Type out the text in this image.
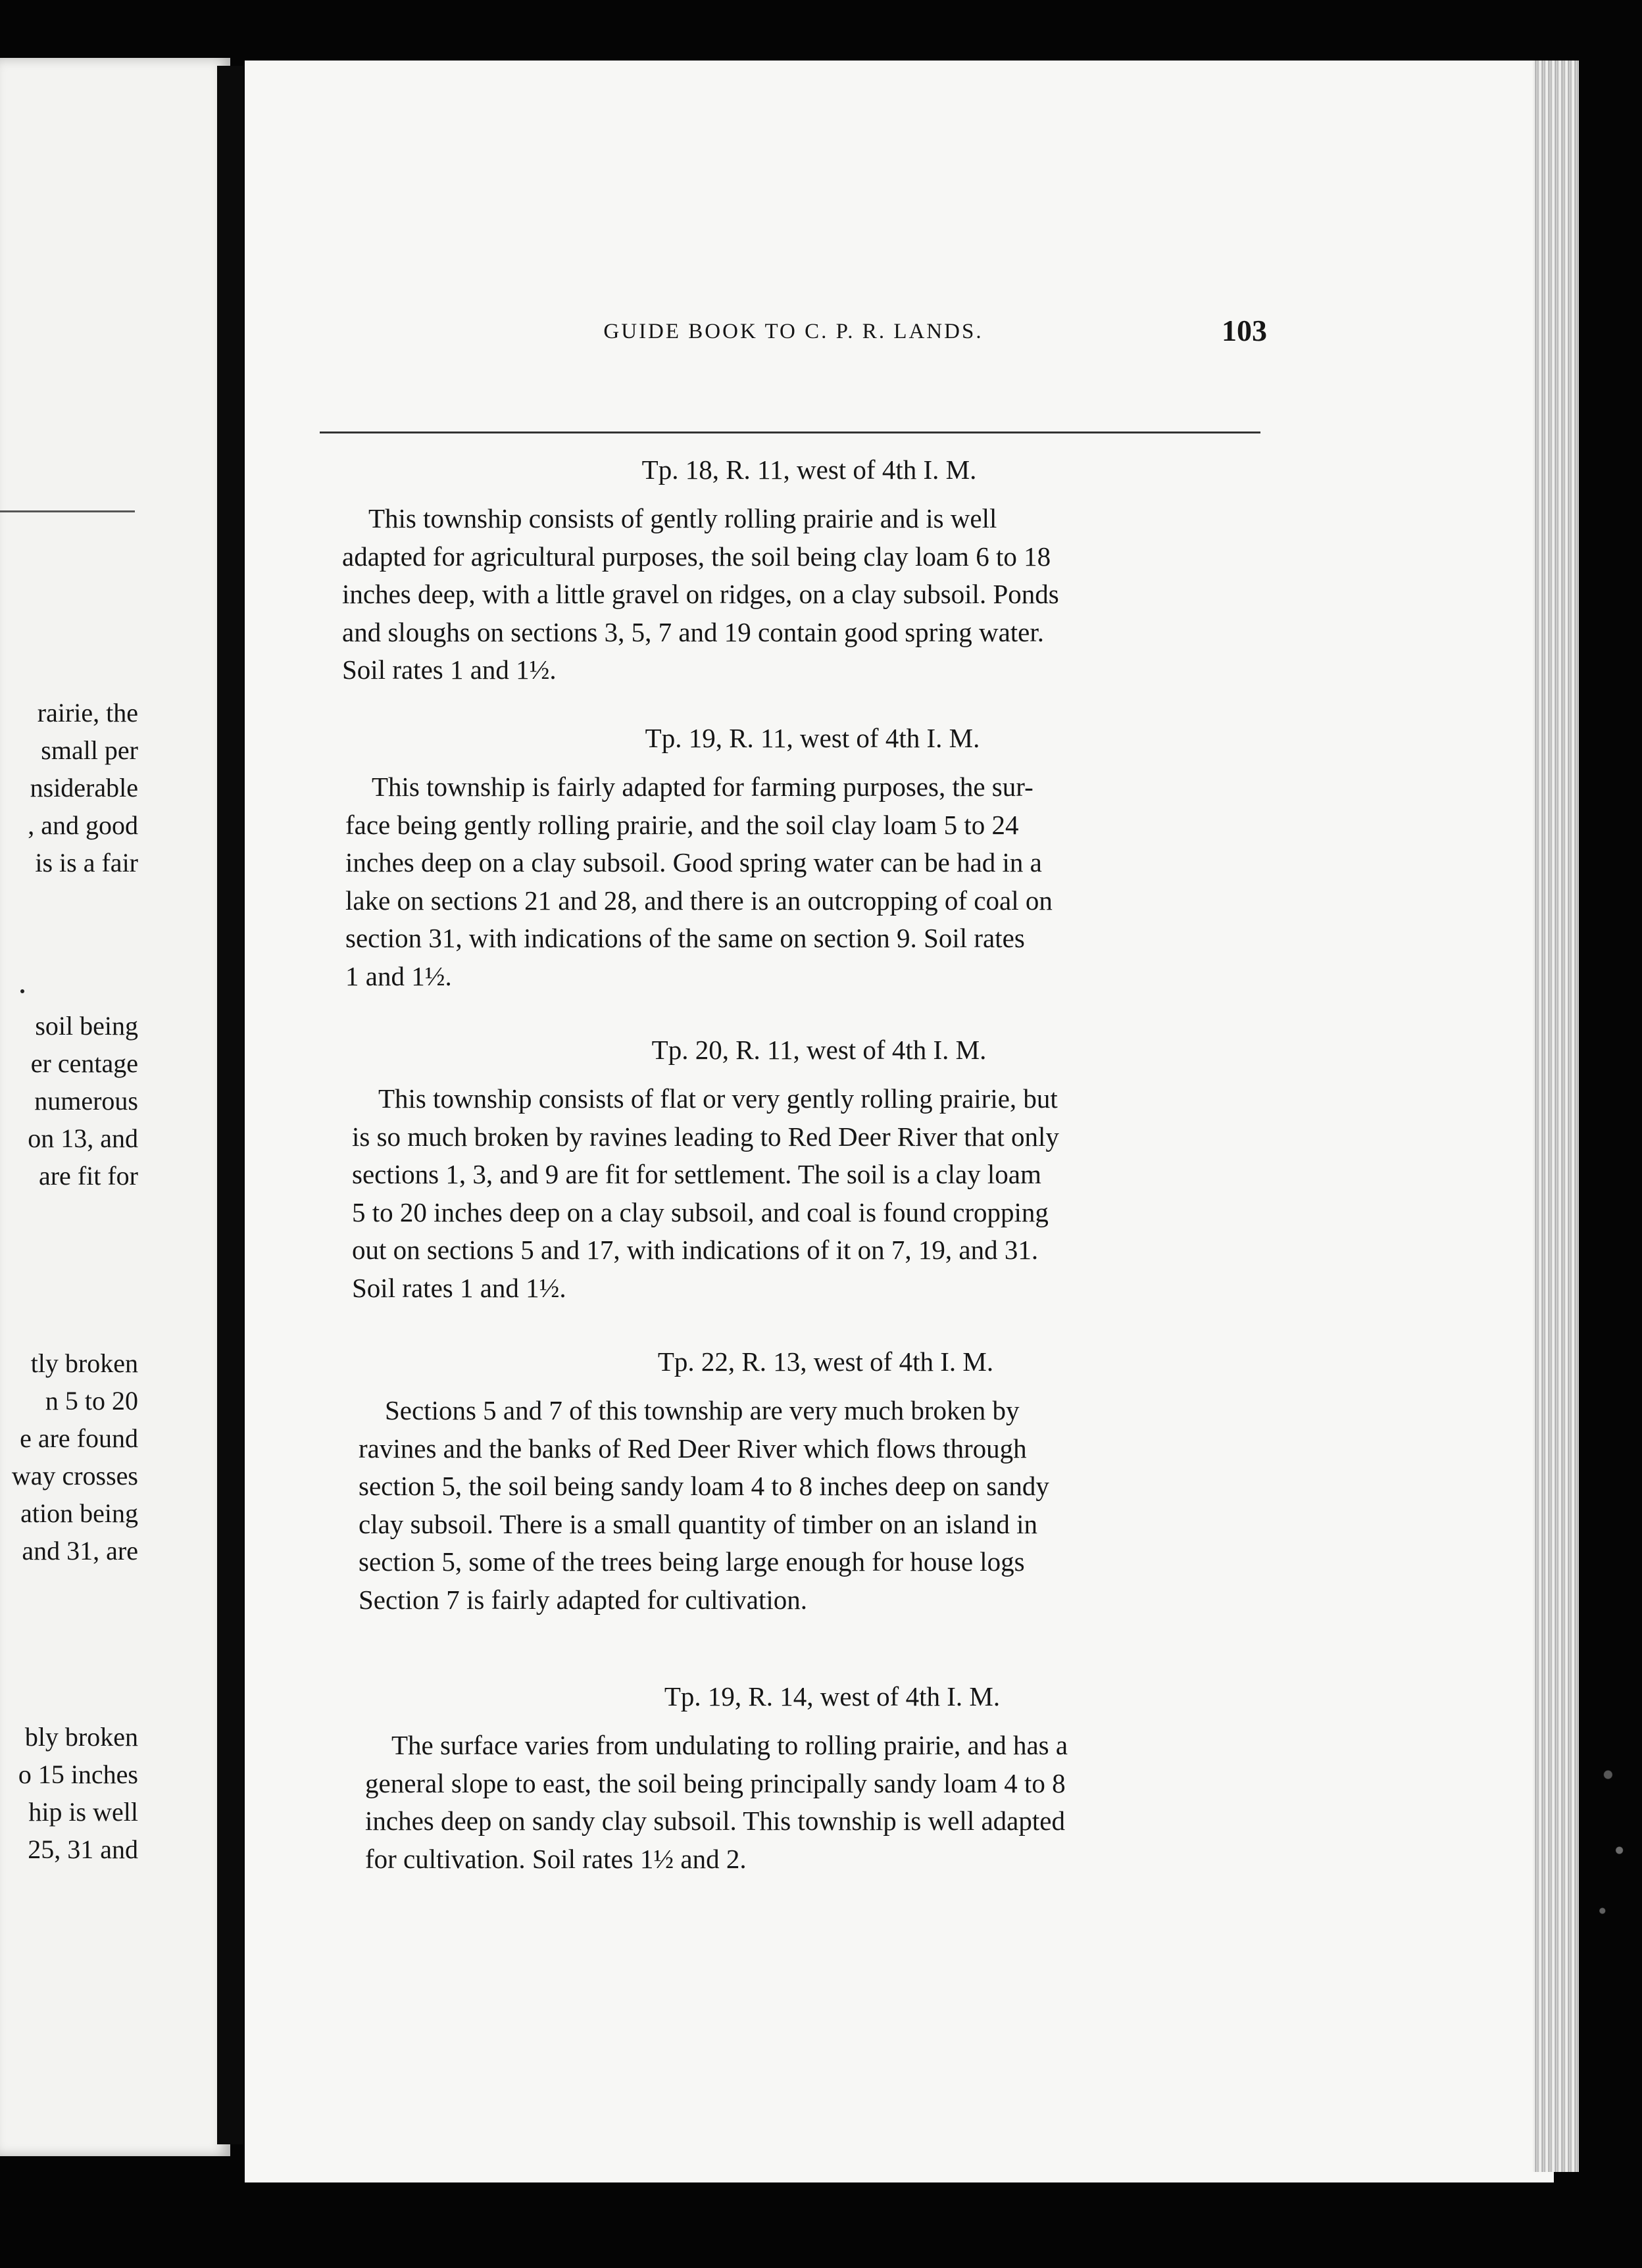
rairie, the
small per
nsiderable
, and good
is is a fair
soil being
er centage
numerous
on 13, and
are fit for
tly broken
n 5 to 20
e are found
way crosses
ation being
and 31, are
bly broken
o 15 inches
hip is well
25, 31 and
GUIDE BOOK TO C. P. R. LANDS.	103
Tp. 18, R. 11, west of 4th I. M.

This township consists of gently rolling prairie and is well
adapted for agricultural purposes, the soil being clay loam 6 to 18
inches deep, with a little gravel on ridges, on a clay subsoil. Ponds
and sloughs on sections 3, 5, 7 and 19 contain good spring water.
Soil rates 1 and 1½.

Tp. 19, R. 11, west of 4th I. M.

This township is fairly adapted for farming purposes, the sur-
face being gently rolling prairie, and the soil clay loam 5 to 24
inches deep on a clay subsoil. Good spring water can be had in a
lake on sections 21 and 28, and there is an outcropping of coal on
section 31, with indications of the same on section 9. Soil rates
1 and 1½.

Tp. 20, R. 11, west of 4th I. M.

This township consists of flat or very gently rolling prairie, but
is so much broken by ravines leading to Red Deer River that only
sections 1, 3, and 9 are fit for settlement. The soil is a clay loam
5 to 20 inches deep on a clay subsoil, and coal is found cropping
out on sections 5 and 17, with indications of it on 7, 19, and 31.
Soil rates 1 and 1½.

Tp. 22, R. 13, west of 4th I. M.

Sections 5 and 7 of this township are very much broken by
ravines and the banks of Red Deer River which flows through
section 5, the soil being sandy loam 4 to 8 inches deep on sandy
clay subsoil. There is a small quantity of timber on an island in
section 5, some of the trees being large enough for house logs
Section 7 is fairly adapted for cultivation.

Tp. 19, R. 14, west of 4th I. M.

The surface varies from undulating to rolling prairie, and has a
general slope to east, the soil being principally sandy loam 4 to 8
inches deep on sandy clay subsoil. This township is well adapted
for cultivation. Soil rates 1½ and 2.
